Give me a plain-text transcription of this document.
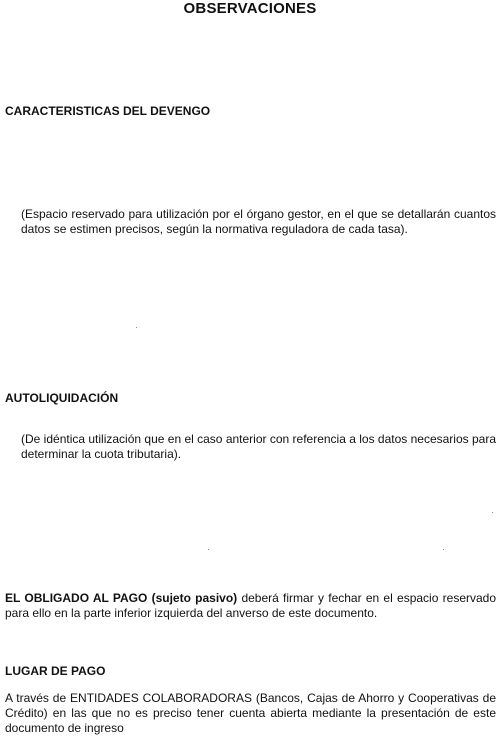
OBSERVACIONES
CARACTERISTICAS DEL DEVENGO

(Espacio reservado para utilización por el órgano gestor, en el que se detallarán cuantos datos se estimen precisos, según la normativa reguladora de cada tasa).

AUTOLIQUIDACIÓN

(De idéntica utilización que en el caso anterior con referencia a los datos necesarios para determinar la cuota tributaria).

EL OBLIGADO AL PAGO (sujeto pasivo) deberá firmar y fechar en el espacio reservado para ello en la parte inferior izquierda del anverso de este documento.

LUGAR DE PAGO

A través de ENTIDADES COLABORADORAS (Bancos, Cajas de Ahorro y Cooperativas de Crédito) en las que no es preciso tener cuenta abierta mediante la presentación de este documento de ingreso
